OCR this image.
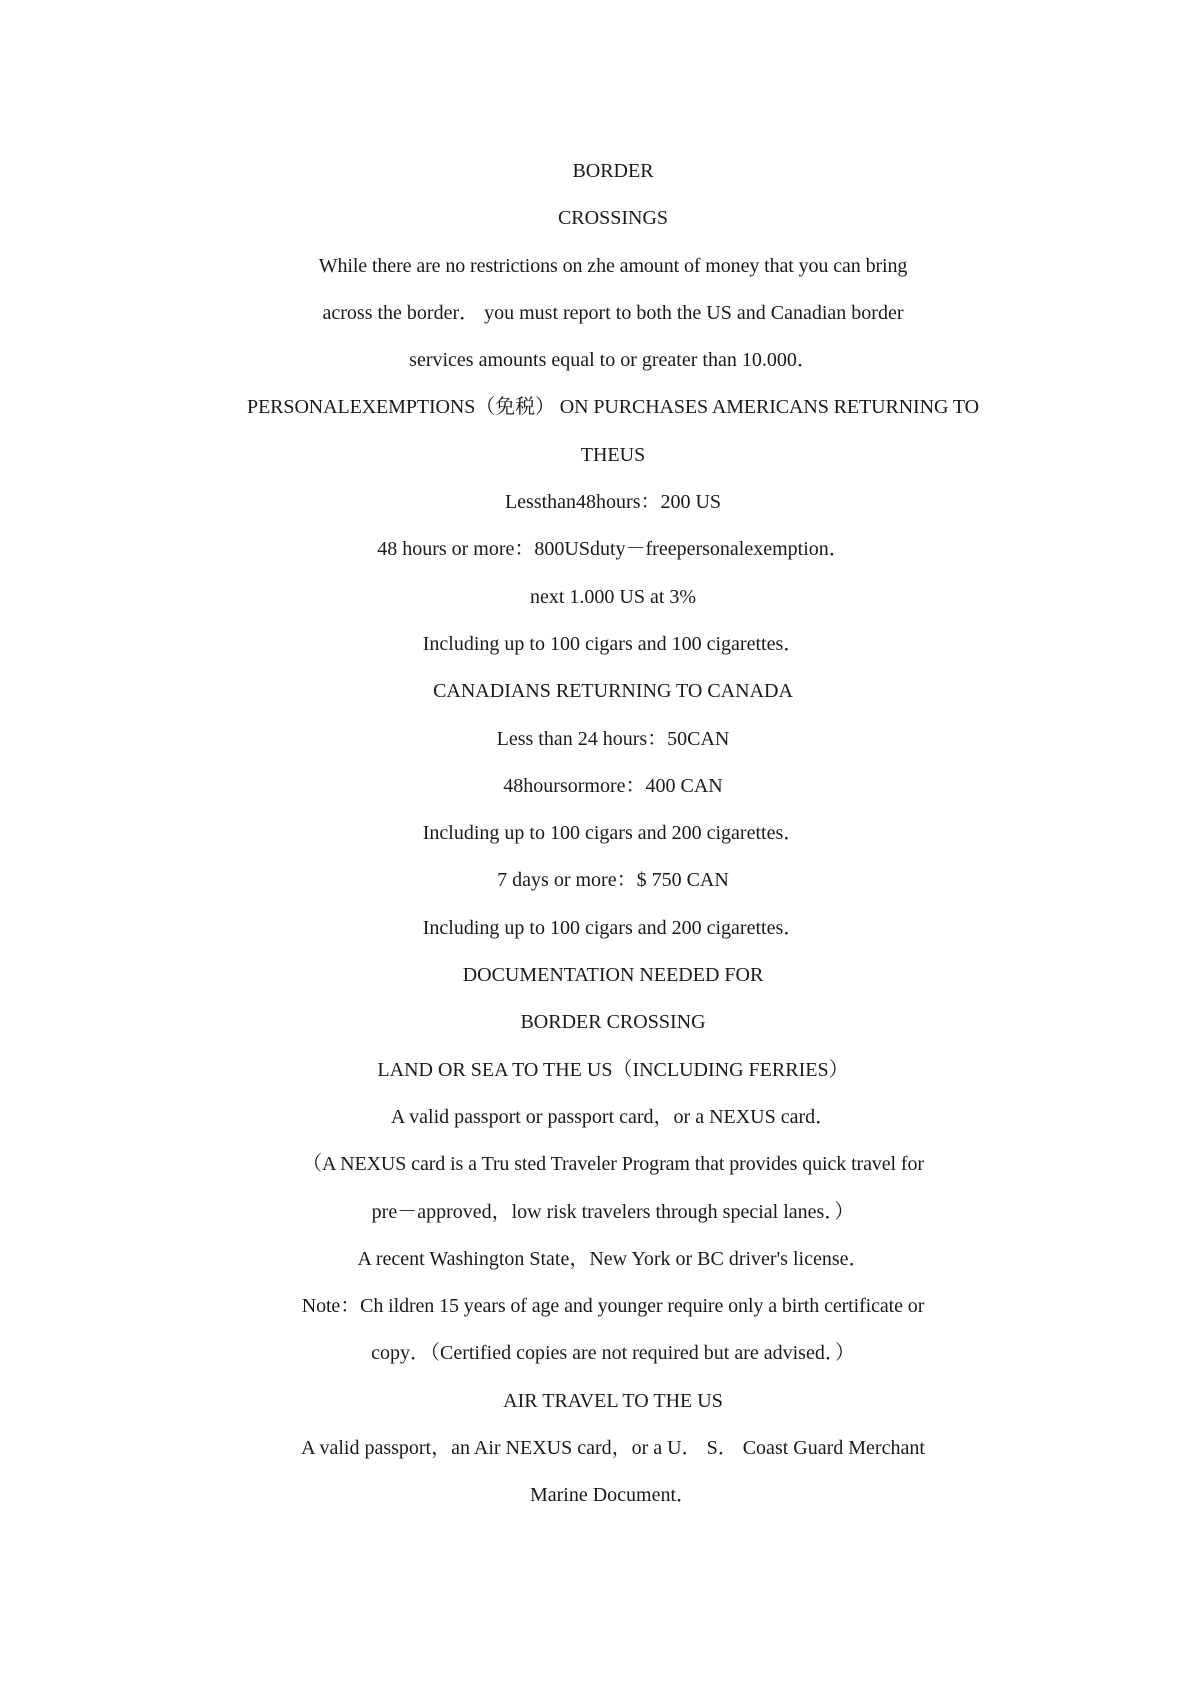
BORDER

CROSSINGS

While there are no restrictions on zhe amount of money that you can bring

across the border． you must report to both the US and Canadian border

services amounts equal to or greater than 10.000．

PERSONALEXEMPTIONS（免税） ON PURCHASES AMERICANS RETURNING TO

THEUS

Lessthan48hours：200 US

48 hours or more：800USduty－freepersonalexemption．

next 1.000 US at 3%

Including up to 100 cigars and 100 cigarettes．

CANADIANS RETURNING TO CANADA

Less than 24 hours：50CAN

48hoursormore：400 CAN

Including up to 100 cigars and 200 cigarettes．

7 days or more：$ 750 CAN

Including up to 100 cigars and 200 cigarettes．

DOCUMENTATION NEEDED FOR

BORDER CROSSING

LAND OR SEA TO THE US（INCLUDING FERRIES）

A valid passport or passport card，or a NEXUS card．

（A NEXUS card is a Tru sted Traveler Program that provides quick travel for

pre－approved，low risk travelers through special lanes．）

A recent Washington State，New York or BC driver's license．

Note：Ch ildren 15 years of age and younger require only a birth certificate or

copy．（Certified copies are not required but are advised．）

AIR TRAVEL TO THE US

A valid passport，an Air NEXUS card，or a U． S． Coast Guard Merchant

Marine Document．
